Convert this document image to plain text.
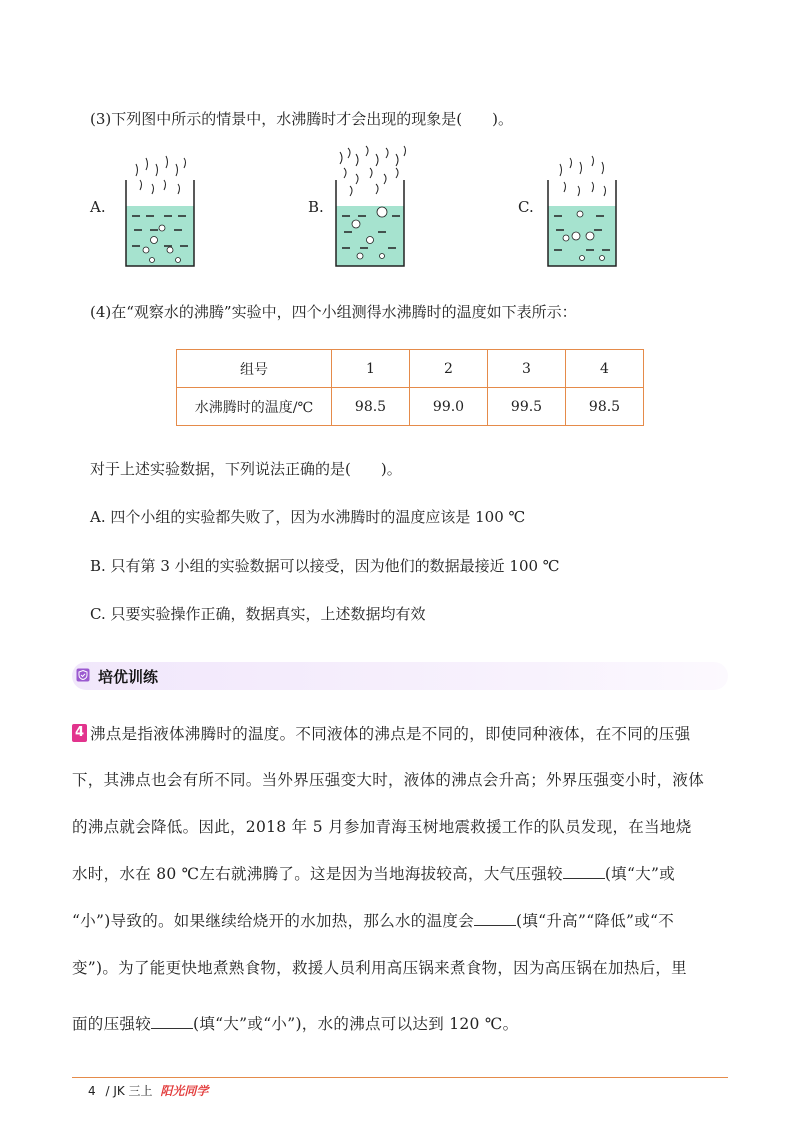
(3)下列图中所示的情景中，水沸腾时才会出现的现象是(　　)。
A.	B.	C.
(4)在“观察水的沸腾”实验中，四个小组测得水沸腾时的温度如下表所示：
组号	1	2	3	4
水沸腾时的温度/℃	98.5	99.0	99.5	98.5
对于上述实验数据，下列说法正确的是(　　)。
A. 四个小组的实验都失败了，因为水沸腾时的温度应该是 100 ℃
B. 只有第 3 小组的实验数据可以接受，因为他们的数据最接近 100 ℃
C. 只要实验操作正确，数据真实，上述数据均有效
培优训练
4 沸点是指液体沸腾时的温度。不同液体的沸点是不同的，即使同种液体，在不同的压强
下，其沸点也会有所不同。当外界压强变大时，液体的沸点会升高；外界压强变小时，液体
的沸点就会降低。因此，2018 年 5 月参加青海玉树地震救援工作的队员发现，在当地烧
水时，水在 80 ℃左右就沸腾了。这是因为当地海拔较高，大气压强较	(填“大”或
“小”)导致的。如果继续给烧开的水加热，那么水的温度会	(填“升高”“降低”或“不
变”)。为了能更快地煮熟食物，救援人员利用高压锅来煮食物，因为高压锅在加热后，里
面的压强较	(填“大”或“小”)，水的沸点可以达到 120 ℃。
4 / JK 三上 阳光同学
